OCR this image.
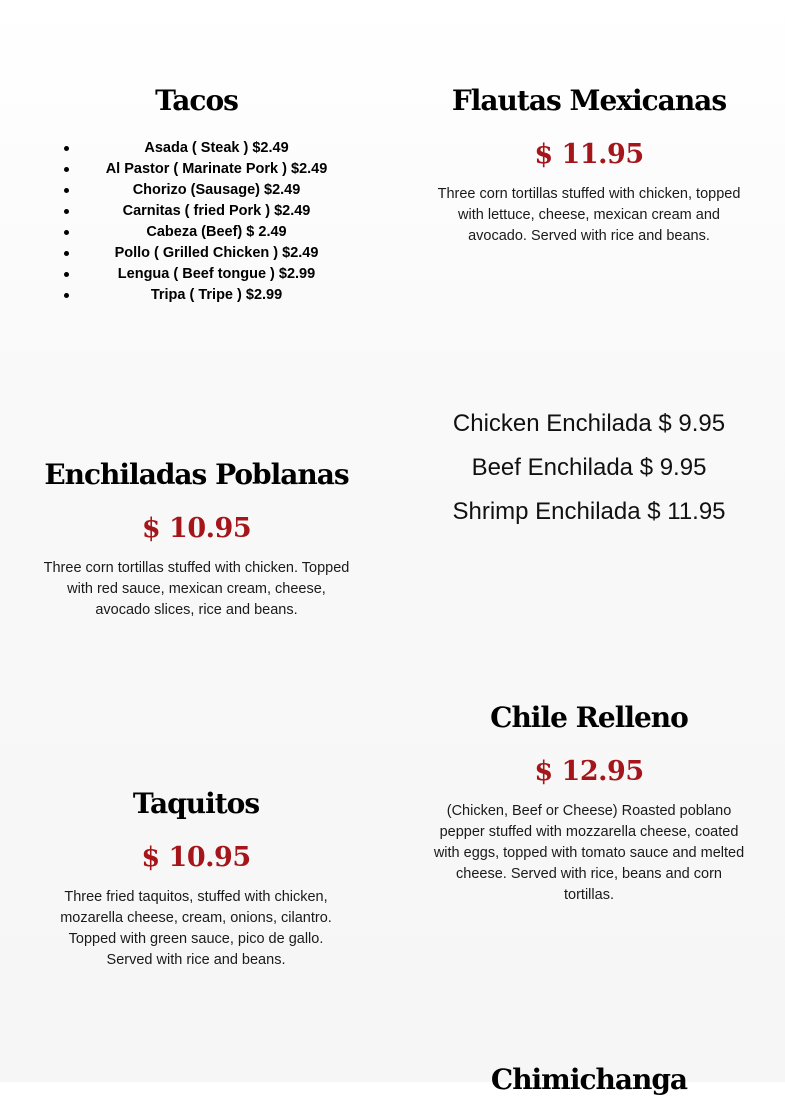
Tacos
Asada ( Steak ) $2.49
Al Pastor ( Marinate Pork ) $2.49
Chorizo (Sausage) $2.49
Carnitas ( fried Pork ) $2.49
Cabeza (Beef) $ 2.49
Pollo ( Grilled Chicken ) $2.49
Lengua ( Beef tongue ) $2.99
Tripa ( Tripe ) $2.99
Flautas Mexicanas
$ 11.95
Three corn tortillas stuffed with chicken, topped with lettuce, cheese, mexican cream and avocado. Served with rice and beans.
Chicken Enchilada $ 9.95
Beef Enchilada $ 9.95
Shrimp Enchilada $ 11.95
Enchiladas Poblanas
$ 10.95
Three corn tortillas stuffed with chicken. Topped with red sauce, mexican cream, cheese, avocado slices, rice and beans.
Chile Relleno
$ 12.95
(Chicken, Beef or Cheese) Roasted poblano pepper stuffed with mozzarella cheese, coated with eggs, topped with tomato sauce and melted cheese. Served with rice, beans and corn tortillas.
Taquitos
$ 10.95
Three fried taquitos, stuffed with chicken, mozarella cheese, cream, onions, cilantro. Topped with green sauce, pico de gallo. Served with rice and beans.
Chimichanga
